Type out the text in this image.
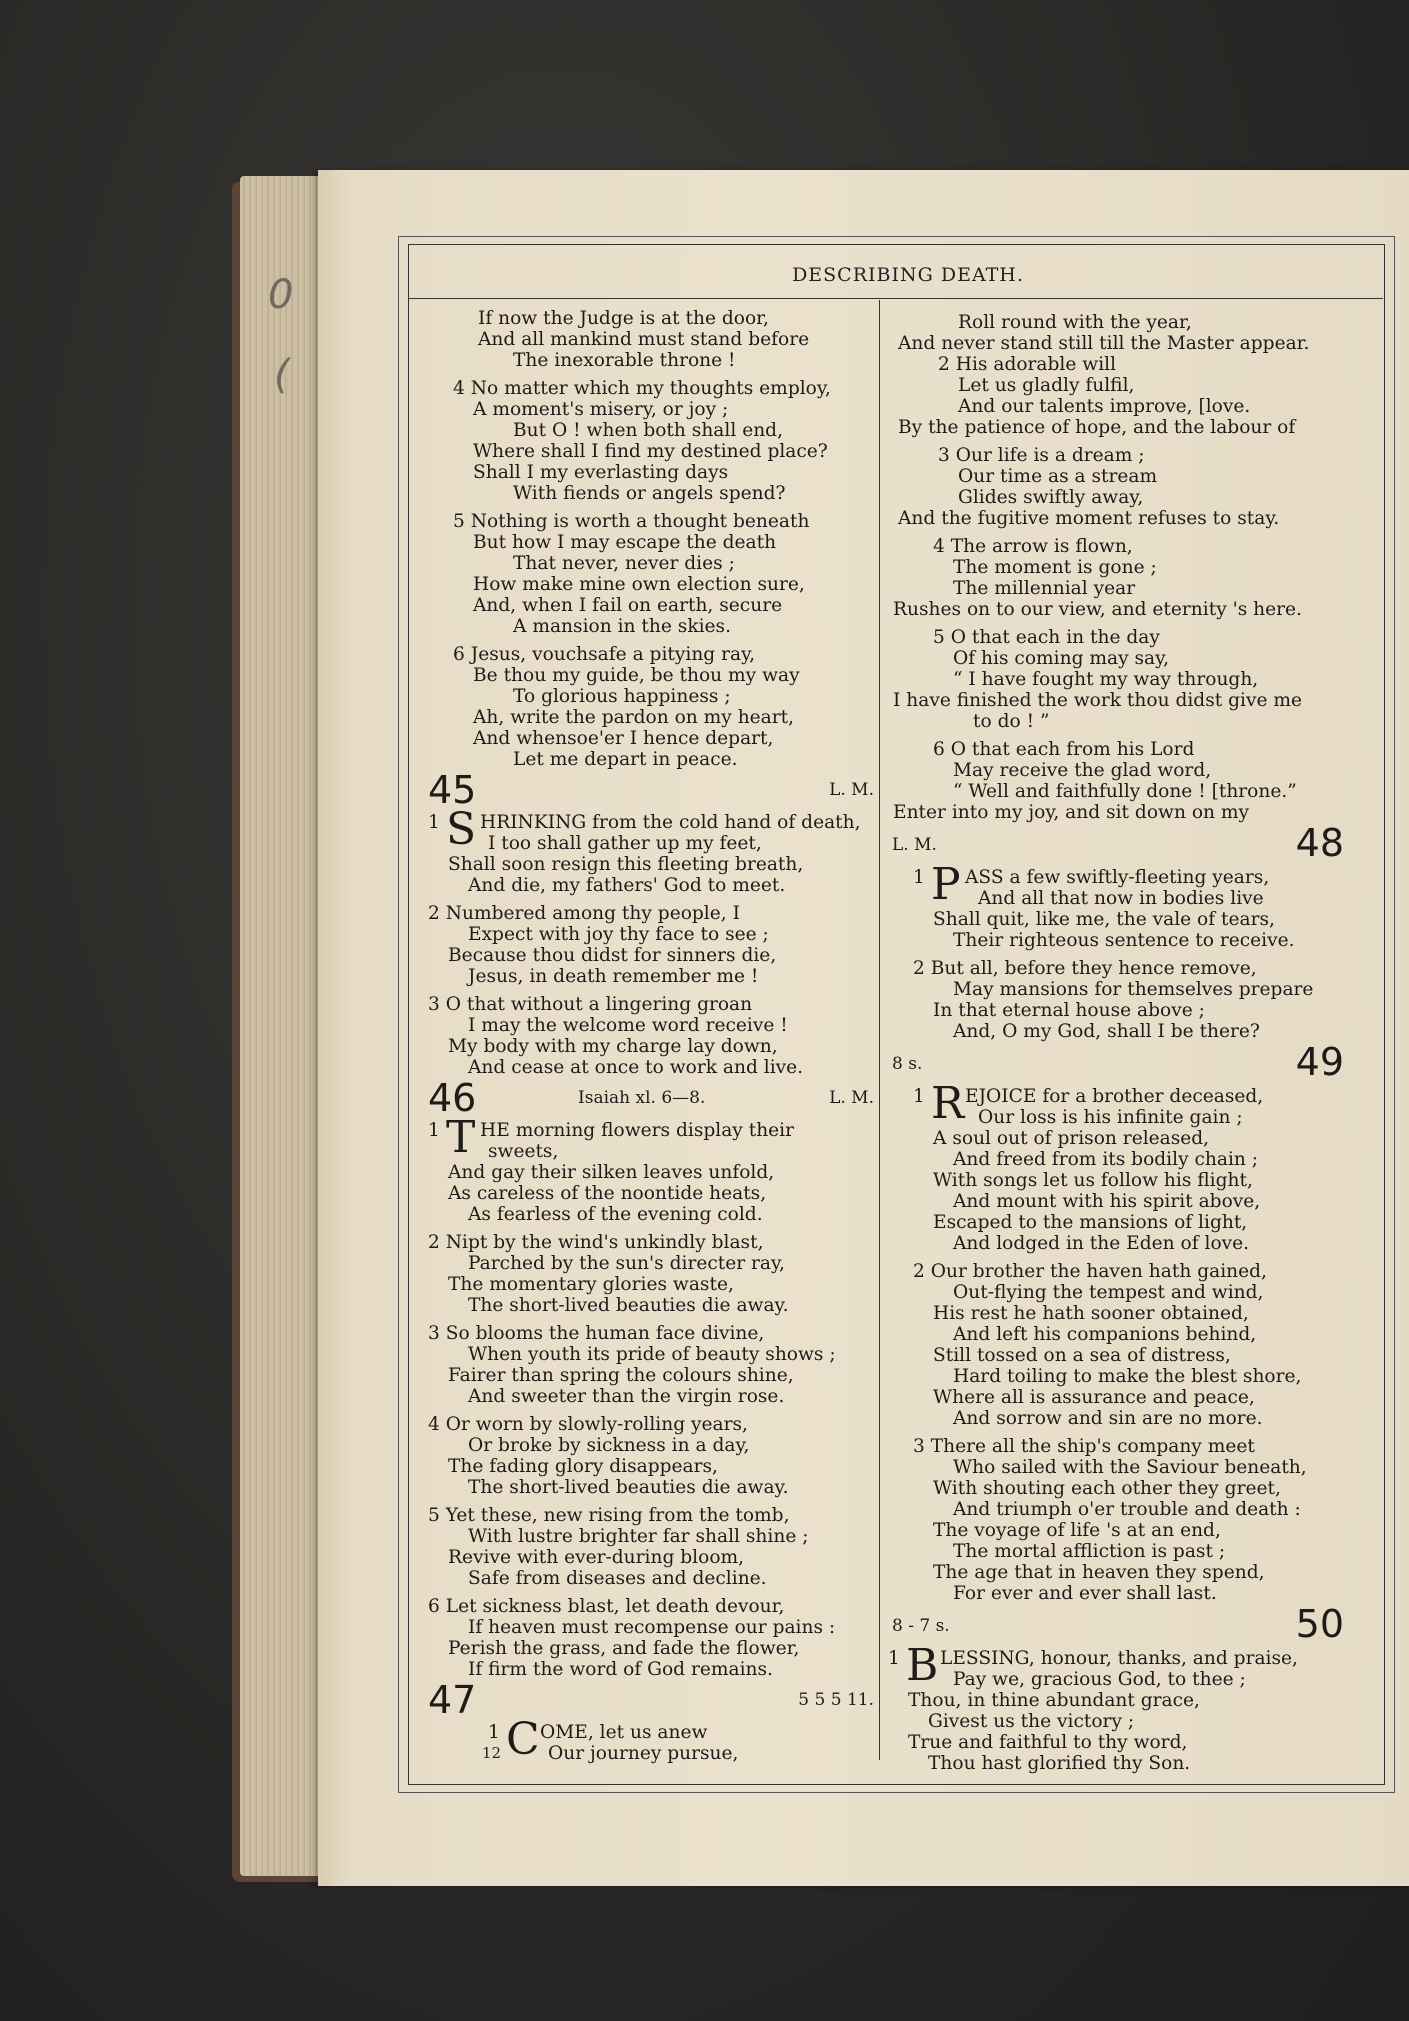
0
(
DESCRIBING DEATH.
If now the Judge is at the door,
And all mankind must stand before
The inexorable throne !
4 No matter which my thoughts employ,
A moment's misery, or joy ;
But O ! when both shall end,
Where shall I find my destined place?
Shall I my everlasting days
With fiends or angels spend?
5 Nothing is worth a thought beneath
But how I may escape the death
That never, never dies ;
How make mine own election sure,
And, when I fail on earth, secure
A mansion in the skies.
6 Jesus, vouchsafe a pitying ray,
Be thou my guide, be thou my way
To glorious happiness ;
Ah, write the pardon on my heart,
And whensoe'er I hence depart,
Let me depart in peace.
45	L. M.
1 S HRINKING from the cold hand of death,
I too shall gather up my feet,
Shall soon resign this fleeting breath,
And die, my fathers' God to meet.
2 Numbered among thy people, I
Expect with joy thy face to see ;
Because thou didst for sinners die,
Jesus, in death remember me !
3 O that without a lingering groan
I may the welcome word receive !
My body with my charge lay down,
And cease at once to work and live.
46	L. M.
Isaiah xl. 6—8.
1 T HE morning flowers display their
sweets,
And gay their silken leaves unfold,
As careless of the noontide heats,
As fearless of the evening cold.
2 Nipt by the wind's unkindly blast,
Parched by the sun's directer ray,
The momentary glories waste,
The short-lived beauties die away.
3 So blooms the human face divine,
When youth its pride of beauty shows ;
Fairer than spring the colours shine,
And sweeter than the virgin rose.
4 Or worn by slowly-rolling years,
Or broke by sickness in a day,
The fading glory disappears,
The short-lived beauties die away.
5 Yet these, new rising from the tomb,
With lustre brighter far shall shine ;
Revive with ever-during bloom,
Safe from diseases and decline.
6 Let sickness blast, let death devour,
If heaven must recompense our pains :
Perish the grass, and fade the flower,
If firm the word of God remains.
47	5 5 5 11.
1 C OME, let us anew
Our journey pursue,
Roll round with the year,
And never stand still till the Master appear.
2 His adorable will
Let us gladly fulfil,
And our talents improve, [love.
By the patience of hope, and the labour of
3 Our life is a dream ;
Our time as a stream
Glides swiftly away,
And the fugitive moment refuses to stay.
4 The arrow is flown,
The moment is gone ;
The millennial year
Rushes on to our view, and eternity 's here.
5 O that each in the day
Of his coming may say,
“ I have fought my way through,
I have finished the work thou didst give me
to do ! ”
6 O that each from his Lord
May receive the glad word,
“ Well and faithfully done ! [throne.”
Enter into my joy, and sit down on my
48
L. M.
1 P ASS a few swiftly-fleeting years,
And all that now in bodies live
Shall quit, like me, the vale of tears,
Their righteous sentence to receive.
2 But all, before they hence remove,
May mansions for themselves prepare
In that eternal house above ;
And, O my God, shall I be there?
49
8 s.
1 R EJOICE for a brother deceased,
Our loss is his infinite gain ;
A soul out of prison released,
And freed from its bodily chain ;
With songs let us follow his flight,
And mount with his spirit above,
Escaped to the mansions of light,
And lodged in the Eden of love.
2 Our brother the haven hath gained,
Out-flying the tempest and wind,
His rest he hath sooner obtained,
And left his companions behind,
Still tossed on a sea of distress,
Hard toiling to make the blest shore,
Where all is assurance and peace,
And sorrow and sin are no more.
3 There all the ship's company meet
Who sailed with the Saviour beneath,
With shouting each other they greet,
And triumph o'er trouble and death :
The voyage of life 's at an end,
The mortal affliction is past ;
The age that in heaven they spend,
For ever and ever shall last.
50
8 - 7 s.
1 B LESSING, honour, thanks, and praise,
Pay we, gracious God, to thee ;
Thou, in thine abundant grace,
Givest us the victory ;
True and faithful to thy word,
Thou hast glorified thy Son.
12
